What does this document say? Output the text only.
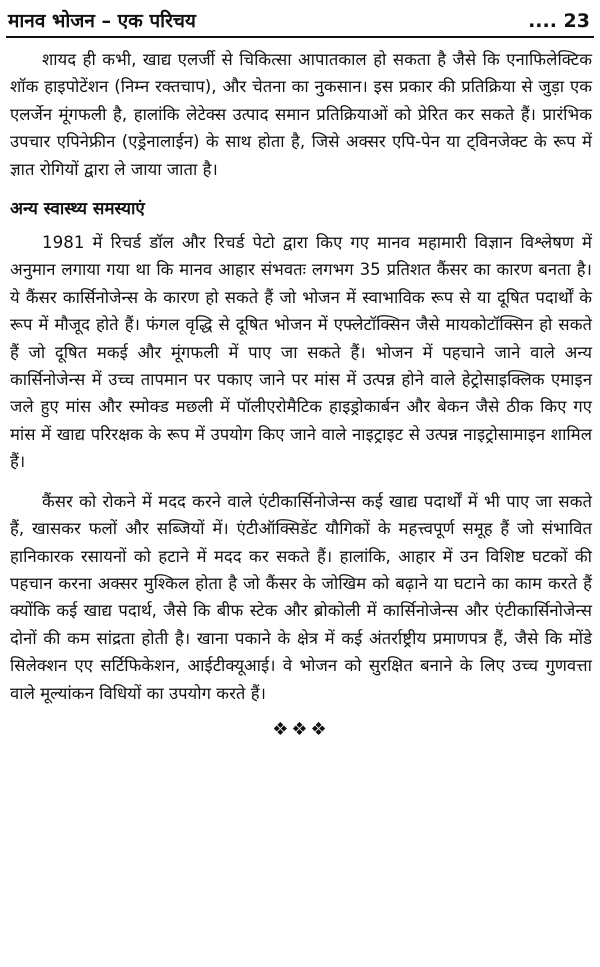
मानव भोजन – एक परिचय	.... 23

शायद ही कभी, खाद्य एलर्जी से चिकित्सा आपातकाल हो सकता है जैसे कि एनाफिलेक्टिक शॉक हाइपोटेंशन (निम्न रक्तचाप), और चेतना का नुकसान। इस प्रकार की प्रतिक्रिया से जुड़ा एक एलर्जेन मूंगफली है, हालांकि लेटेक्स उत्पाद समान प्रतिक्रियाओं को प्रेरित कर सकते हैं। प्रारंभिक उपचार एपिनेफ्रीन (एड्रेनालाईन) के साथ होता है, जिसे अक्सर एपि-पेन या ट्विनजेक्ट के रूप में ज्ञात रोगियों द्वारा ले जाया जाता है।

अन्य स्वास्थ्य समस्याएं

1981 में रिचर्ड डॉल और रिचर्ड पेटो द्वारा किए गए मानव महामारी विज्ञान विश्लेषण में अनुमान लगाया गया था कि मानव आहार संभवतः लगभग 35 प्रतिशत कैंसर का कारण बनता है। ये कैंसर कार्सिनोजेन्स के कारण हो सकते हैं जो भोजन में स्वाभाविक रूप से या दूषित पदार्थों के रूप में मौजूद होते हैं। फंगल वृद्धि से दूषित भोजन में एफ्लेटॉक्सिन जैसे मायकोटॉक्सिन हो सकते हैं जो दूषित मकई और मूंगफली में पाए जा सकते हैं। भोजन में पहचाने जाने वाले अन्य कार्सिनोजेन्स में उच्च तापमान पर पकाए जाने पर मांस में उत्पन्न होने वाले हेट्रोसाइक्लिक एमाइन जले हुए मांस और स्मोक्ड मछली में पॉलीएरोमैटिक हाइड्रोकार्बन और बेकन जैसे ठीक किए गए मांस में खाद्य परिरक्षक के रूप में उपयोग किए जाने वाले नाइट्राइट से उत्पन्न नाइट्रोसामाइन शामिल हैं।

कैंसर को रोकने में मदद करने वाले एंटीकार्सिनोजेन्स कई खाद्य पदार्थों में भी पाए जा सकते हैं, खासकर फलों और सब्जियों में। एंटीऑक्सिडेंट यौगिकों के महत्त्वपूर्ण समूह हैं जो संभावित हानिकारक रसायनों को हटाने में मदद कर सकते हैं। हालांकि, आहार में उन विशिष्ट घटकों की पहचान करना अक्सर मुश्किल होता है जो कैंसर के जोखिम को बढ़ाने या घटाने का काम करते हैं क्योंकि कई खाद्य पदार्थ, जैसे कि बीफ स्टेक और ब्रोकोली में कार्सिनोजेन्स और एंटीकार्सिनोजेन्स दोनों की कम सांद्रता होती है। खाना पकाने के क्षेत्र में कई अंतर्राष्ट्रीय प्रमाणपत्र हैं, जैसे कि मोंडे सिलेक्शन एए सर्टिफिकेशन, आईटीक्यूआई। वे भोजन को सुरक्षित बनाने के लिए उच्च गुणवत्ता वाले मूल्यांकन विधियों का उपयोग करते हैं।

❖❖❖
